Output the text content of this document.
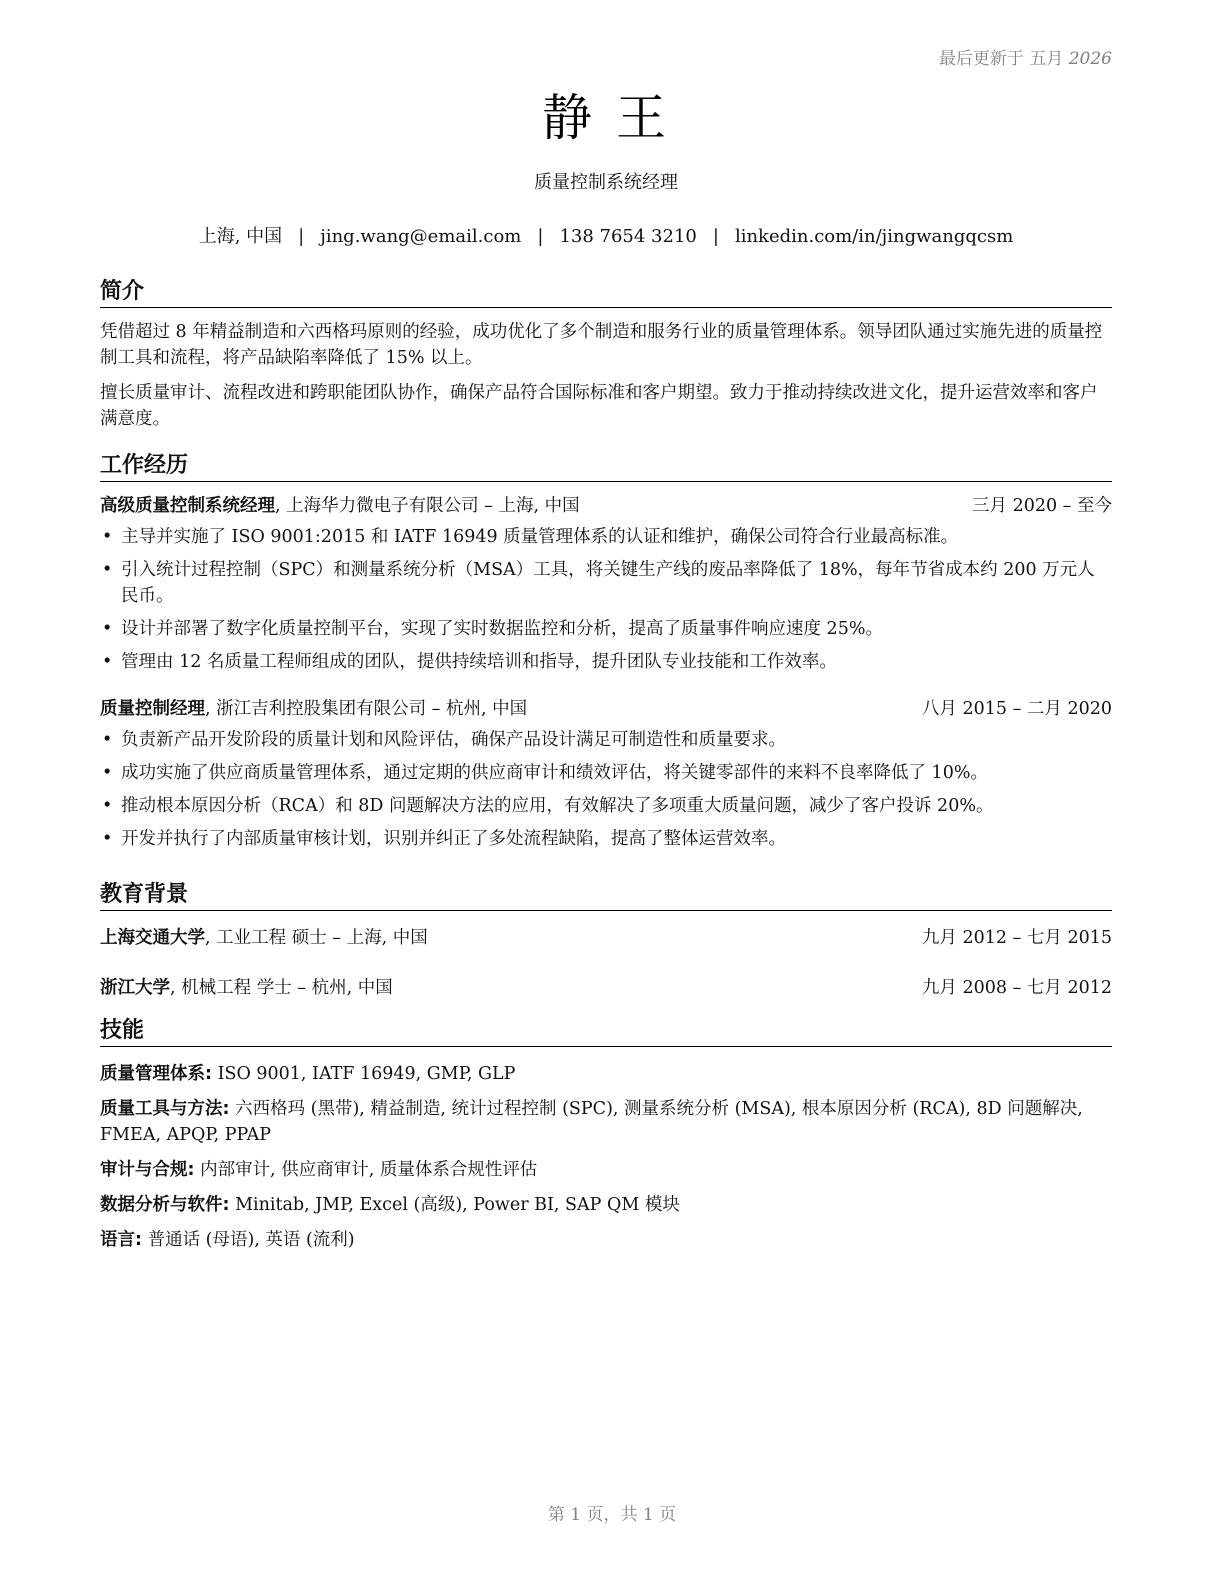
最后更新于 五月 2026
静 王
质量控制系统经理
上海, 中国 | jing.wang@email.com | 138 7654 3210 | linkedin.com/in/jingwangqcsm
简介

凭借超过 8 年精益制造和六西格玛原则的经验，成功优化了多个制造和服务行业的质量管理体系。领导团队通过实施先进的质量控制工具和流程，将产品缺陷率降低了 15% 以上。

擅长质量审计、流程改进和跨职能团队协作，确保产品符合国际标准和客户期望。致力于推动持续改进文化，提升运营效率和客户满意度。

工作经历
高级质量控制系统经理, 上海华力微电子有限公司 – 上海, 中国	三月 2020 – 至今
• 主导并实施了 ISO 9001:2015 和 IATF 16949 质量管理体系的认证和维护，确保公司符合行业最高标准。
• 引入统计过程控制（SPC）和测量系统分析（MSA）工具，将关键生产线的废品率降低了 18%，每年节省成本约 200 万元人民币。
• 设计并部署了数字化质量控制平台，实现了实时数据监控和分析，提高了质量事件响应速度 25%。
• 管理由 12 名质量工程师组成的团队，提供持续培训和指导，提升团队专业技能和工作效率。
质量控制经理, 浙江吉利控股集团有限公司 – 杭州, 中国	八月 2015 – 二月 2020
• 负责新产品开发阶段的质量计划和风险评估，确保产品设计满足可制造性和质量要求。
• 成功实施了供应商质量管理体系，通过定期的供应商审计和绩效评估，将关键零部件的来料不良率降低了 10%。
• 推动根本原因分析（RCA）和 8D 问题解决方法的应用，有效解决了多项重大质量问题，减少了客户投诉 20%。
• 开发并执行了内部质量审核计划，识别并纠正了多处流程缺陷，提高了整体运营效率。
教育背景
上海交通大学, 工业工程 硕士 – 上海, 中国	九月 2012 – 七月 2015
浙江大学, 机械工程 学士 – 杭州, 中国	九月 2008 – 七月 2012
技能

质量管理体系: ISO 9001, IATF 16949, GMP, GLP

质量工具与方法: 六西格玛 (黑带), 精益制造, 统计过程控制 (SPC), 测量系统分析 (MSA), 根本原因分析 (RCA), 8D 问题解决, FMEA, APQP, PPAP

审计与合规: 内部审计, 供应商审计, 质量体系合规性评估

数据分析与软件: Minitab, JMP, Excel (高级), Power BI, SAP QM 模块

语言: 普通话 (母语), 英语 (流利)

第 1 页，共 1 页
